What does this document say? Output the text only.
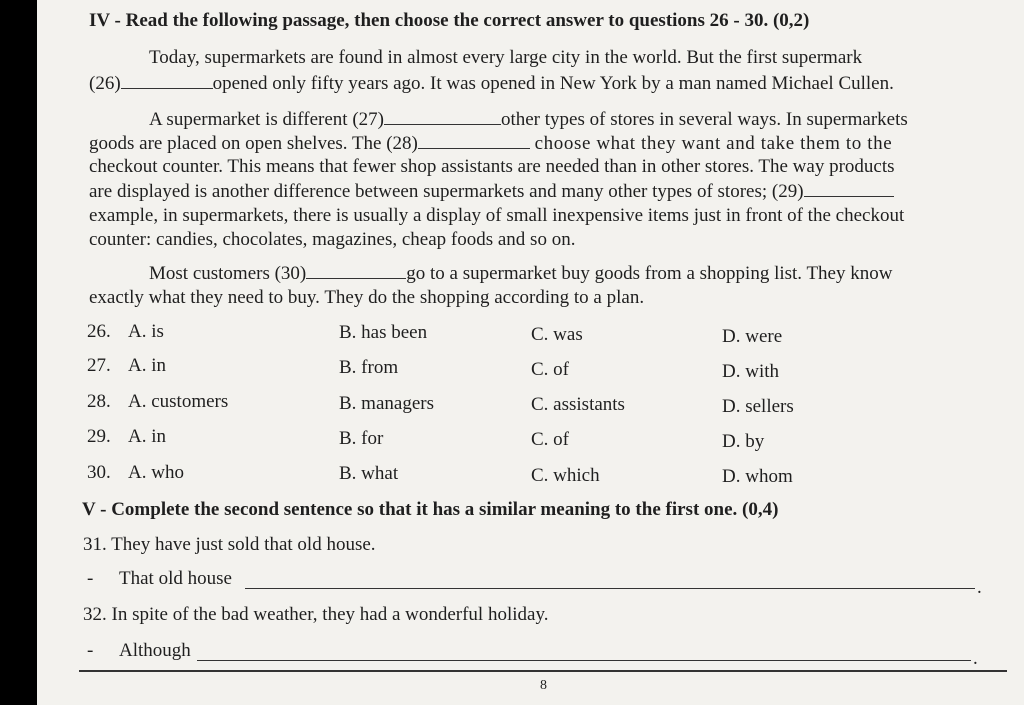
IV - Read the following passage, then choose the correct answer to questions 26 - 30. (0,2)
Today, supermarkets are found in almost every large city in the world. But the first supermark
(26)	opened only fifty years ago. It was opened in New York by a man named Michael Cullen.
A supermarket is different (27)	other types of stores in several ways. In supermarkets
goods are placed on open shelves. The (28)	choose what they want and take them to the
checkout counter. This means that fewer shop assistants are needed than in other stores. The way products
are displayed is another difference between supermarkets and many other types of stores; (29)
example, in supermarkets, there is usually a display of small inexpensive items just in front of the checkout
counter: candies, chocolates, magazines, cheap foods and so on.
Most customers (30)	go to a supermarket buy goods from a shopping list. They know
exactly what they need to buy. They do the shopping according to a plan.
26. A. is	B. has been	C. was	D. were
27. A. in	B. from	C. of	D. with
28. A. customers	B. managers	C. assistants	D. sellers
29. A. in	B. for	C. of	D. by
30. A. who	B. what	C. which	D. whom
V - Complete the second sentence so that it has a similar meaning to the first one. (0,4)
31. They have just sold that old house.
- That old house	.
32. In spite of the bad weather, they had a wonderful holiday.
- Although	.
8
